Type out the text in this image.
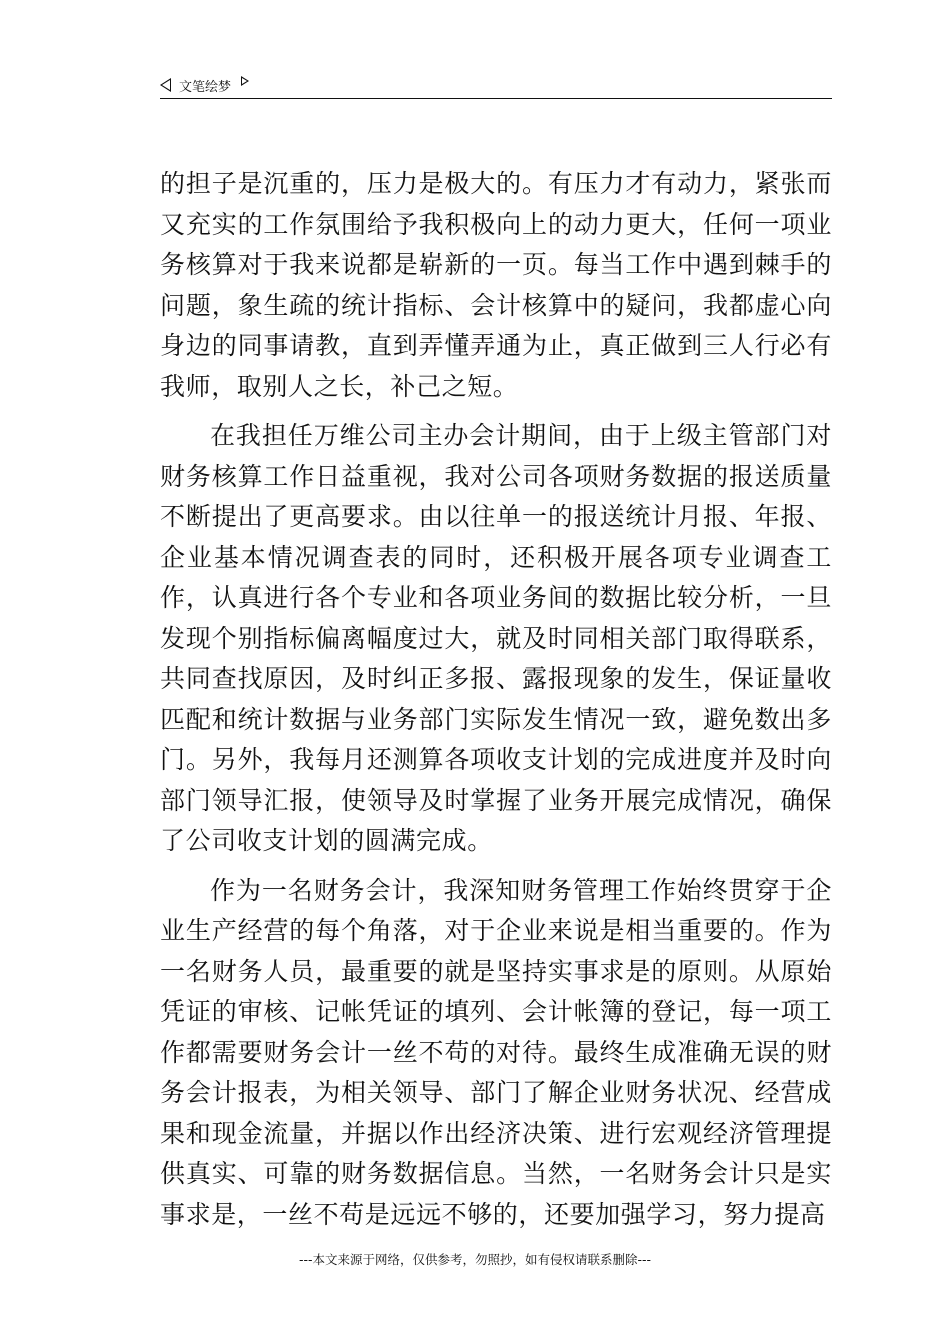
文笔绘梦

的担子是沉重的，压力是极大的。有压力才有动力，紧张而又充实的工作氛围给予我积极向上的动力更大，任何一项业务核算对于我来说都是崭新的一页。每当工作中遇到棘手的问题，象生疏的统计指标、会计核算中的疑问，我都虚心向身边的同事请教，直到弄懂弄通为止，真正做到三人行必有我师，取别人之长，补己之短。

在我担任万维公司主办会计期间，由于上级主管部门对财务核算工作日益重视，我对公司各项财务数据的报送质量不断提出了更高要求。由以往单一的报送统计月报、年报、企业基本情况调查表的同时，还积极开展各项专业调查工作，认真进行各个专业和各项业务间的数据比较分析，一旦发现个别指标偏离幅度过大，就及时同相关部门取得联系，共同查找原因，及时纠正多报、露报现象的发生，保证量收匹配和统计数据与业务部门实际发生情况一致，避免数出多门。另外，我每月还测算各项收支计划的完成进度并及时向部门领导汇报，使领导及时掌握了业务开展完成情况，确保了公司收支计划的圆满完成。

作为一名财务会计，我深知财务管理工作始终贯穿于企业生产经营的每个角落，对于企业来说是相当重要的。作为一名财务人员，最重要的就是坚持实事求是的原则。从原始凭证的审核、记帐凭证的填列、会计帐簿的登记，每一项工作都需要财务会计一丝不苟的对待。最终生成准确无误的财务会计报表，为相关领导、部门了解企业财务状况、经营成果和现金流量，并据以作出经济决策、进行宏观经济管理提供真实、可靠的财务数据信息。当然，一名财务会计只是实事求是，一丝不苟是远远不够的，还要加强学习，努力提高

---本文来源于网络，仅供参考，勿照抄，如有侵权请联系删除---
